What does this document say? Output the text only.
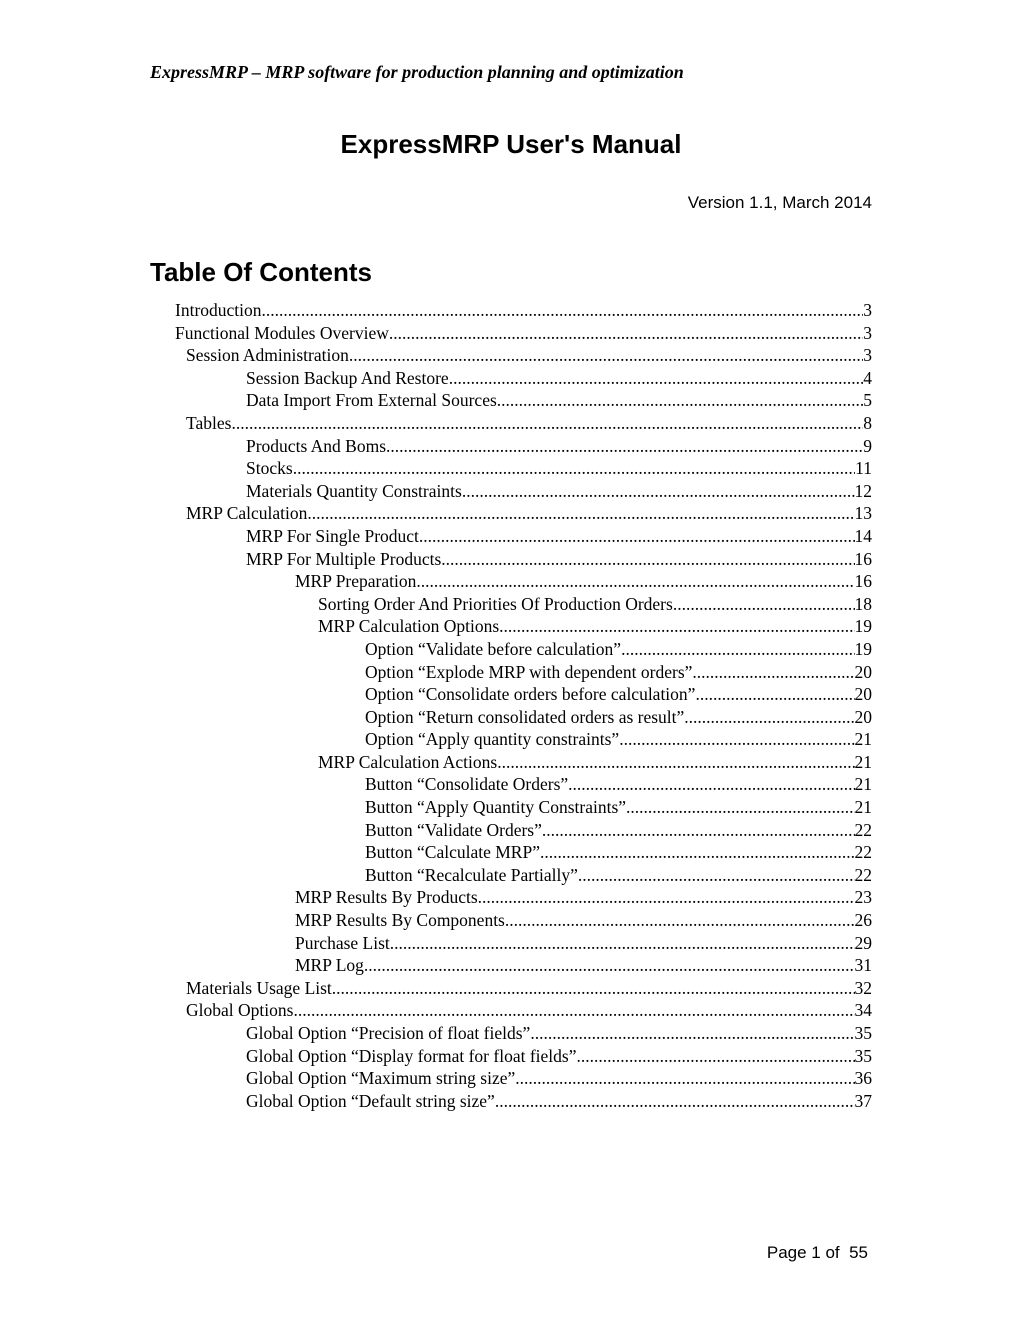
ExpressMRP – MRP software for production planning and optimization
ExpressMRP User's Manual
Version 1.1, March 2014
Table Of Contents
Introduction .....	3
Functional Modules Overview .....	3
Session Administration .....	3
Session Backup And Restore .....	4
Data Import From External Sources .....	5
Tables .....	8
Products And Boms .....	9
Stocks .....	11
Materials Quantity Constraints .....	12
MRP Calculation .....	13
MRP For Single Product .....	14
MRP For Multiple Products .....	16
MRP Preparation .....	16
Sorting Order And Priorities Of Production Orders .....	18
MRP Calculation Options .....	19
Option “Validate before calculation” .....	19
Option “Explode MRP with dependent orders” .....	20
Option “Consolidate orders before calculation” .....	20
Option “Return consolidated orders as result” .....	20
Option “Apply quantity constraints” .....	21
MRP Calculation Actions .....	21
Button “Consolidate Orders” .....	21
Button “Apply Quantity Constraints” .....	21
Button “Validate Orders” .....	22
Button “Calculate MRP” .....	22
Button “Recalculate Partially” .....	22
MRP Results By Products .....	23
MRP Results By Components .....	26
Purchase List .....	29
MRP Log .....	31
Materials Usage List .....	32
Global Options .....	34
Global Option “Precision of float fields” .....	35
Global Option “Display format for float fields” .....	35
Global Option “Maximum string size” .....	36
Global Option “Default string size” .....	37
Page 1 of  55
